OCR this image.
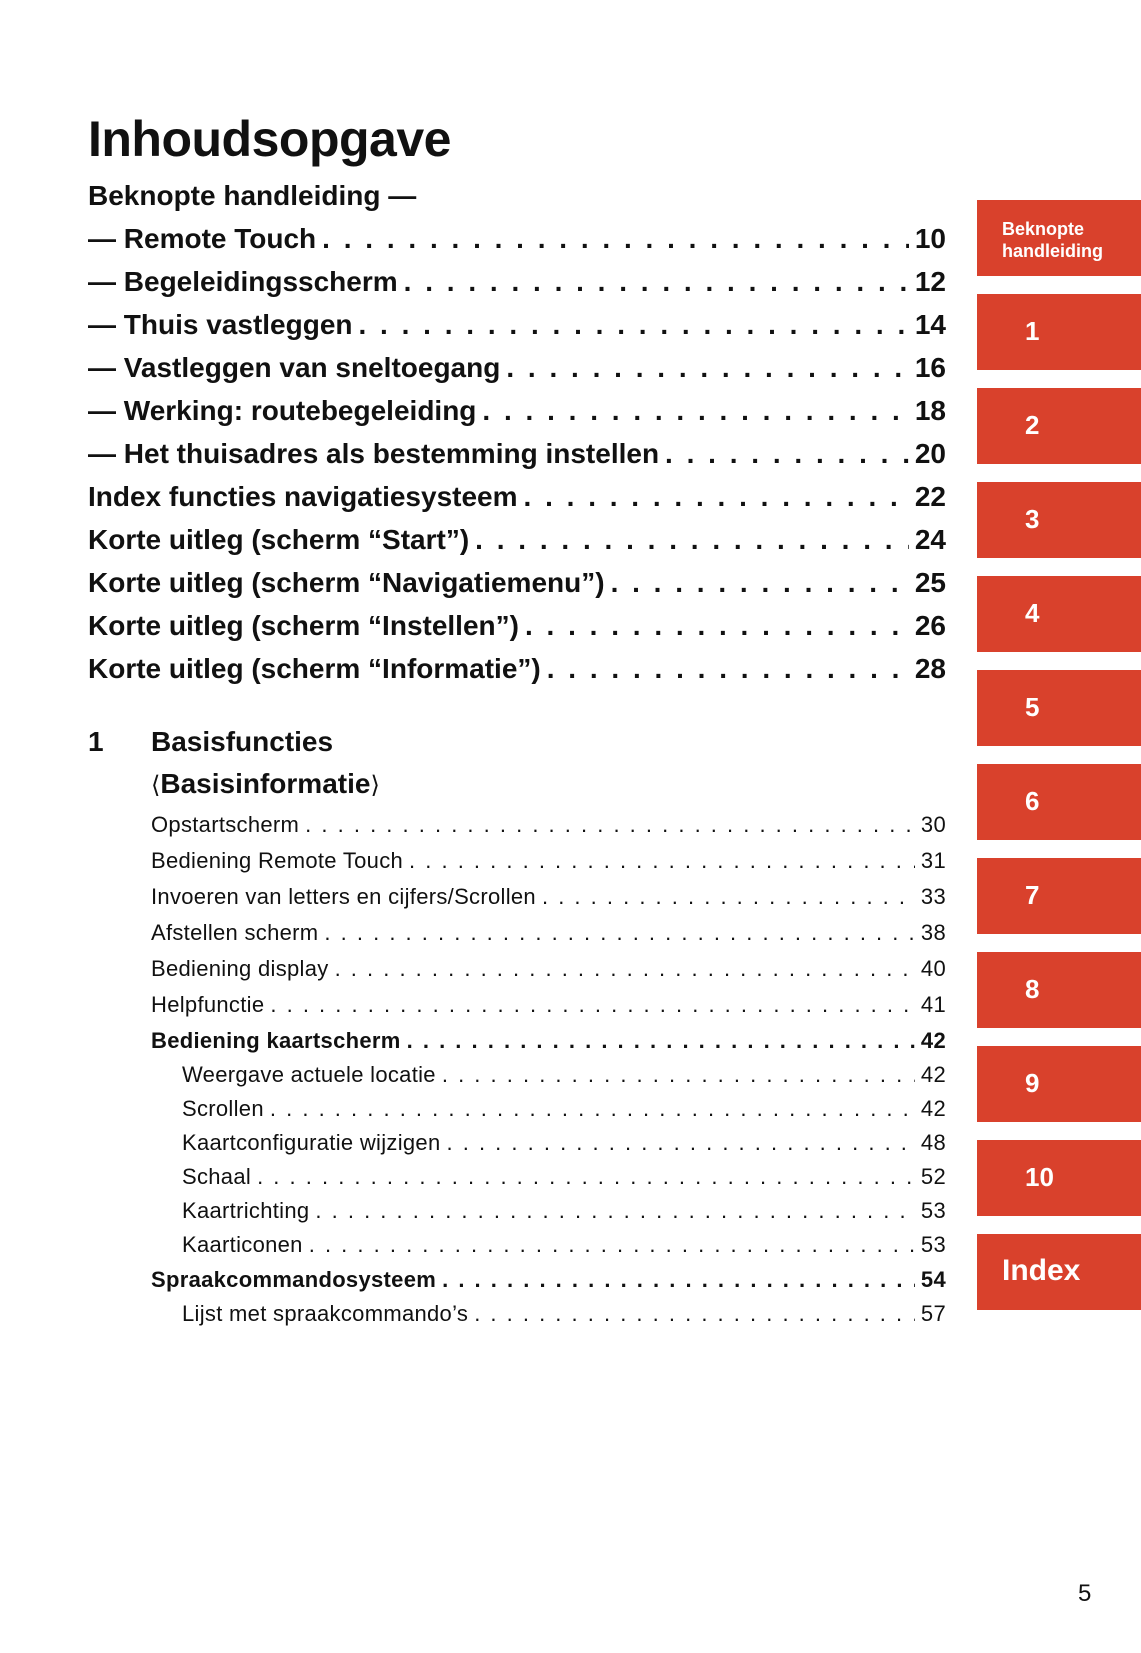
Inhoudsopgave
Beknopte handleiding —
— Remote Touch . . .	10
— Begeleidingsscherm . . .	12
— Thuis vastleggen . . .	14
— Vastleggen van sneltoegang . . .	16
— Werking: routebegeleiding . . .	18
— Het thuisadres als bestemming instellen . . .	20
Index functies navigatiesysteem . . .	22
Korte uitleg (scherm “Start”) . . .	24
Korte uitleg (scherm “Navigatiemenu”) . . .	25
Korte uitleg (scherm “Instellen”) . . .	26
Korte uitleg (scherm “Informatie”) . . .	28
1 Basisfuncties
⟨Basisinformatie⟩
Opstartscherm . . .	30
Bediening Remote Touch . . .	31
Invoeren van letters en cijfers/Scrollen . . .	33
Afstellen scherm . . .	38
Bediening display . . .	40
Helpfunctie . . .	41
Bediening kaartscherm . . .	42
Weergave actuele locatie . . .	42
Scrollen . . .	42
Kaartconfiguratie wijzigen . . .	48
Schaal . . .	52
Kaartrichting . . .	53
Kaarticonen . . .	53
Spraakcommandosysteem . . .	54
Lijst met spraakcommando’s . . .	57
Beknopte
handleiding
1
2
3
4
5
6
7
8
9
10
Index
5
